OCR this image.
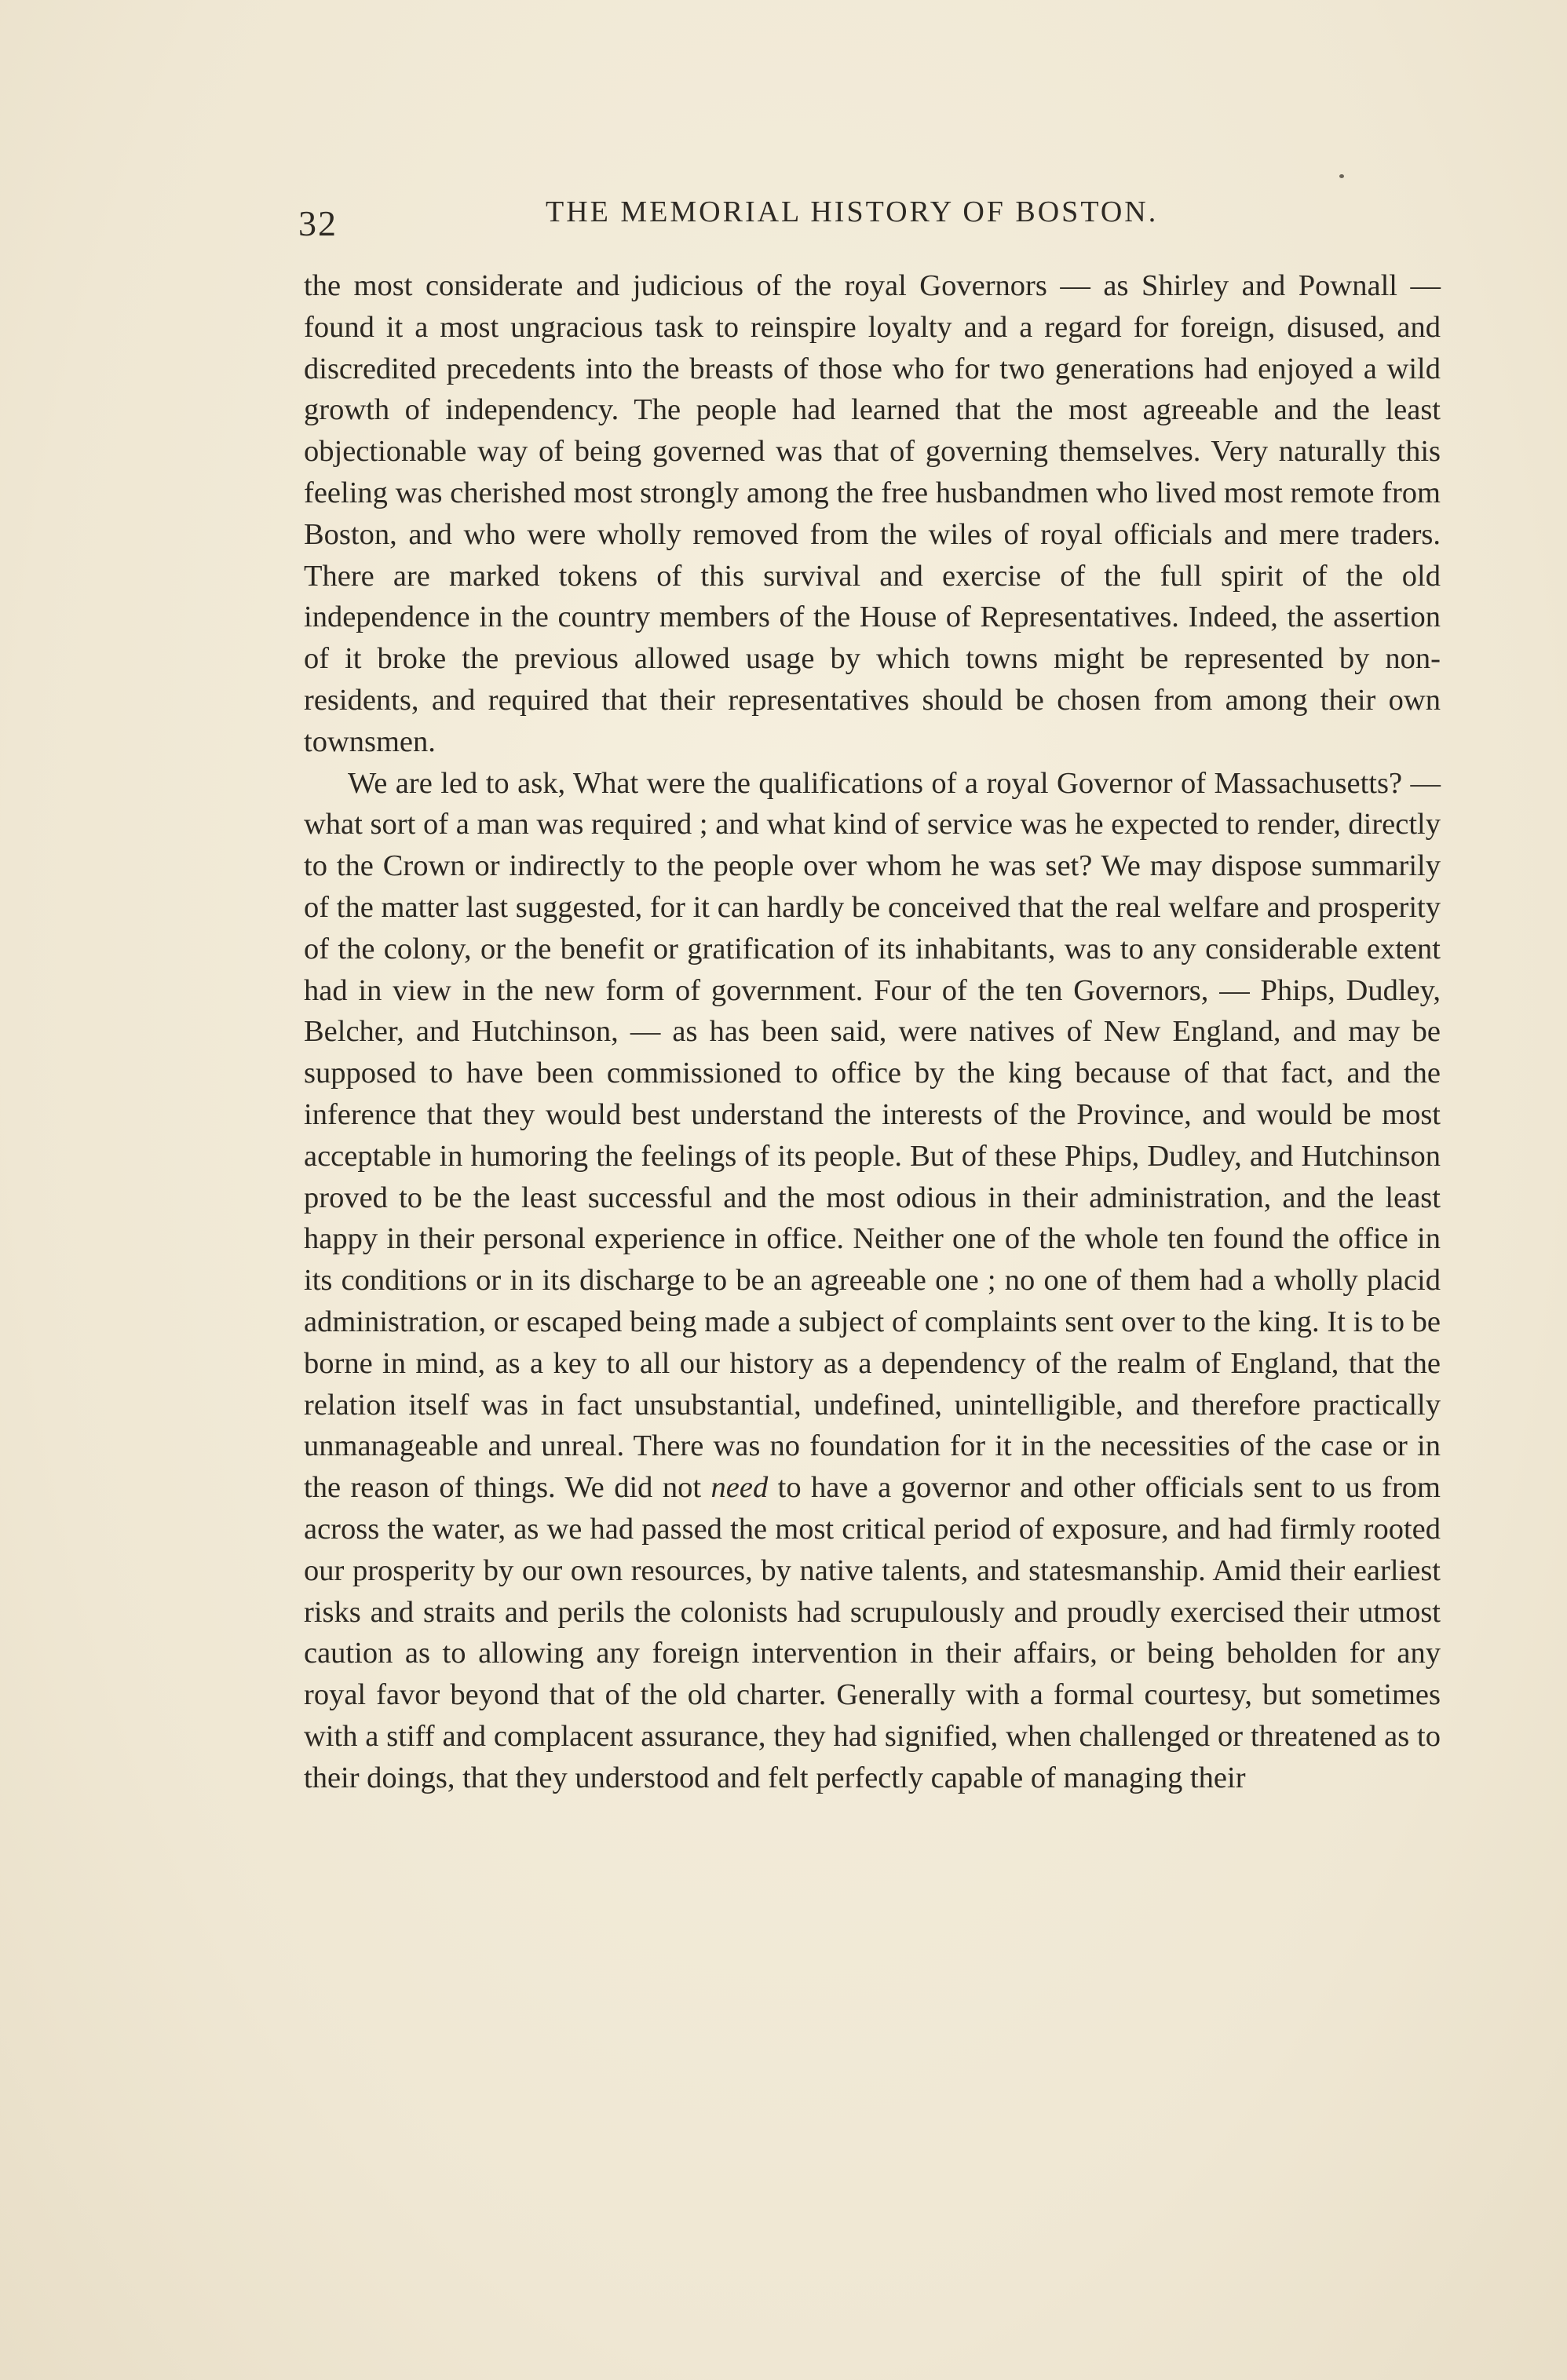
32	THE MEMORIAL HISTORY OF BOSTON.

the most considerate and judicious of the royal Governors — as Shirley and Pownall — found it a most ungracious task to reinspire loyalty and a regard for foreign, disused, and discredited precedents into the breasts of those who for two generations had enjoyed a wild growth of independency. The people had learned that the most agreeable and the least objectionable way of being governed was that of governing themselves. Very naturally this feeling was cherished most strongly among the free husbandmen who lived most remote from Boston, and who were wholly removed from the wiles of royal officials and mere traders. There are marked tokens of this survival and exercise of the full spirit of the old independence in the country members of the House of Representatives. Indeed, the assertion of it broke the previous allowed usage by which towns might be represented by non-residents, and required that their representatives should be chosen from among their own townsmen.

We are led to ask, What were the qualifications of a royal Governor of Massachusetts? — what sort of a man was required ; and what kind of service was he expected to render, directly to the Crown or indirectly to the people over whom he was set? We may dispose summarily of the matter last suggested, for it can hardly be conceived that the real welfare and prosperity of the colony, or the benefit or gratification of its inhabitants, was to any considerable extent had in view in the new form of government. Four of the ten Governors, — Phips, Dudley, Belcher, and Hutchinson, — as has been said, were natives of New England, and may be supposed to have been commissioned to office by the king because of that fact, and the inference that they would best understand the interests of the Province, and would be most acceptable in humoring the feelings of its people. But of these Phips, Dudley, and Hutchinson proved to be the least successful and the most odious in their administration, and the least happy in their personal experience in office. Neither one of the whole ten found the office in its conditions or in its discharge to be an agreeable one ; no one of them had a wholly placid administration, or escaped being made a subject of complaints sent over to the king. It is to be borne in mind, as a key to all our history as a dependency of the realm of England, that the relation itself was in fact unsubstantial, undefined, unintelligible, and therefore practically unmanageable and unreal. There was no foundation for it in the necessities of the case or in the reason of things. We did not need to have a governor and other officials sent to us from across the water, as we had passed the most critical period of exposure, and had firmly rooted our prosperity by our own resources, by native talents, and statesmanship. Amid their earliest risks and straits and perils the colonists had scrupulously and proudly exercised their utmost caution as to allowing any foreign intervention in their affairs, or being beholden for any royal favor beyond that of the old charter. Generally with a formal courtesy, but sometimes with a stiff and complacent assurance, they had signified, when challenged or threatened as to their doings, that they understood and felt perfectly capable of managing their
